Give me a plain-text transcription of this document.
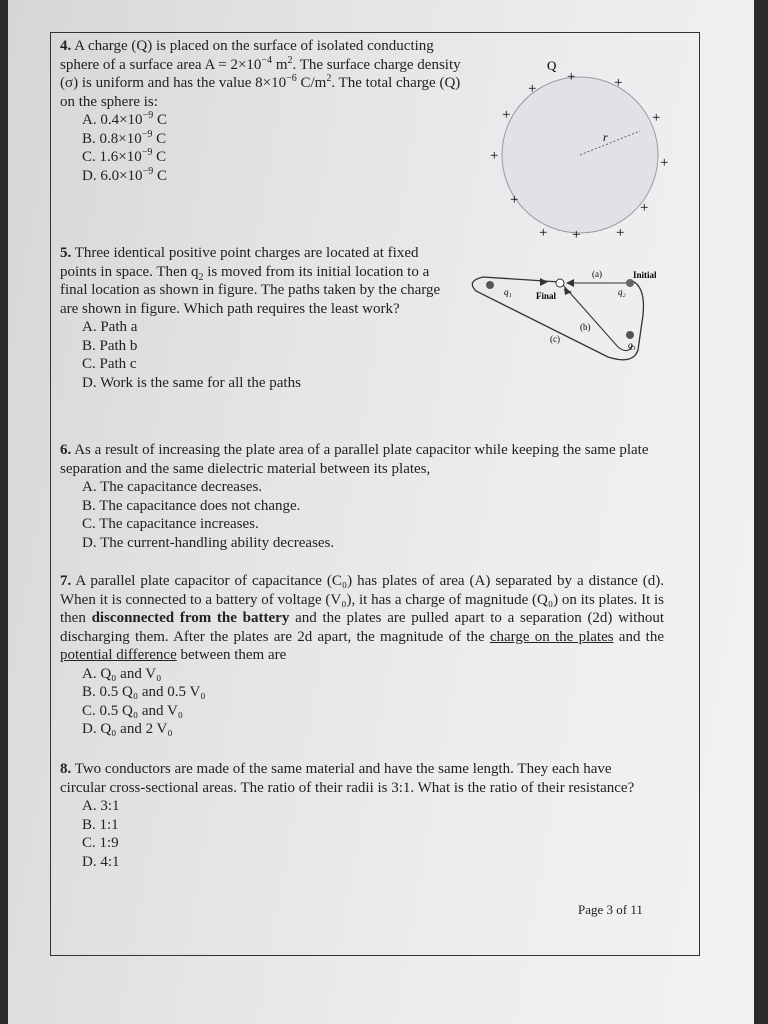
4. A charge (Q) is placed on the surface of isolated conducting sphere of a surface area $A = 2\times 10^{-4}$ $m^2$. The surface charge density (σ) is uniform and has the value $8\times 10^{-6}$ $C/m^2$. The total charge (Q) on the sphere is:
A. $0.4\times 10^{-9}$ C
B. $0.8\times 10^{-9}$ C
C. $1.6\times 10^{-9}$ C
D. $6.0\times 10^{-9}$ C
Q
r
+	+
+
+	+
+	+
+	+
+ + +
5. Three identical positive point charges are located at fixed points in space. Then $q_2$ is moved from its initial location to a final location as shown in figure. The paths taken by the charge are shown in figure. Which path requires the least work?
A. Path a
B. Path b
C. Path c
D. Work is the same for all the paths
q₁	Final
Initial
q₂
q₃
(a)
(b)
(c)
6. As a result of increasing the plate area of a parallel plate capacitor while keeping the same plate separation and the same dielectric material between its plates,
A. The capacitance decreases.
B. The capacitance does not change.
C. The capacitance increases.
D. The current-handling ability decreases.
7. A parallel plate capacitor of capacitance (C₀) has plates of area (A) separated by a distance (d). When it is connected to a battery of voltage (V₀), it has a charge of magnitude (Q₀) on its plates. It is then disconnected from the battery and the plates are pulled apart to a separation (2d) without discharging them. After the plates are 2d apart, the magnitude of the charge on the plates and the potential difference between them are
A. Q₀ and V₀
B. 0.5 Q₀ and 0.5 V₀
C. 0.5 Q₀ and V₀
D. Q₀ and 2 V₀
8. Two conductors are made of the same material and have the same length. They each have circular cross-sectional areas. The ratio of their radii is 3:1. What is the ratio of their resistance?
A. 3:1
B. 1:1
C. 1:9
D. 4:1
Page 3 of 11
